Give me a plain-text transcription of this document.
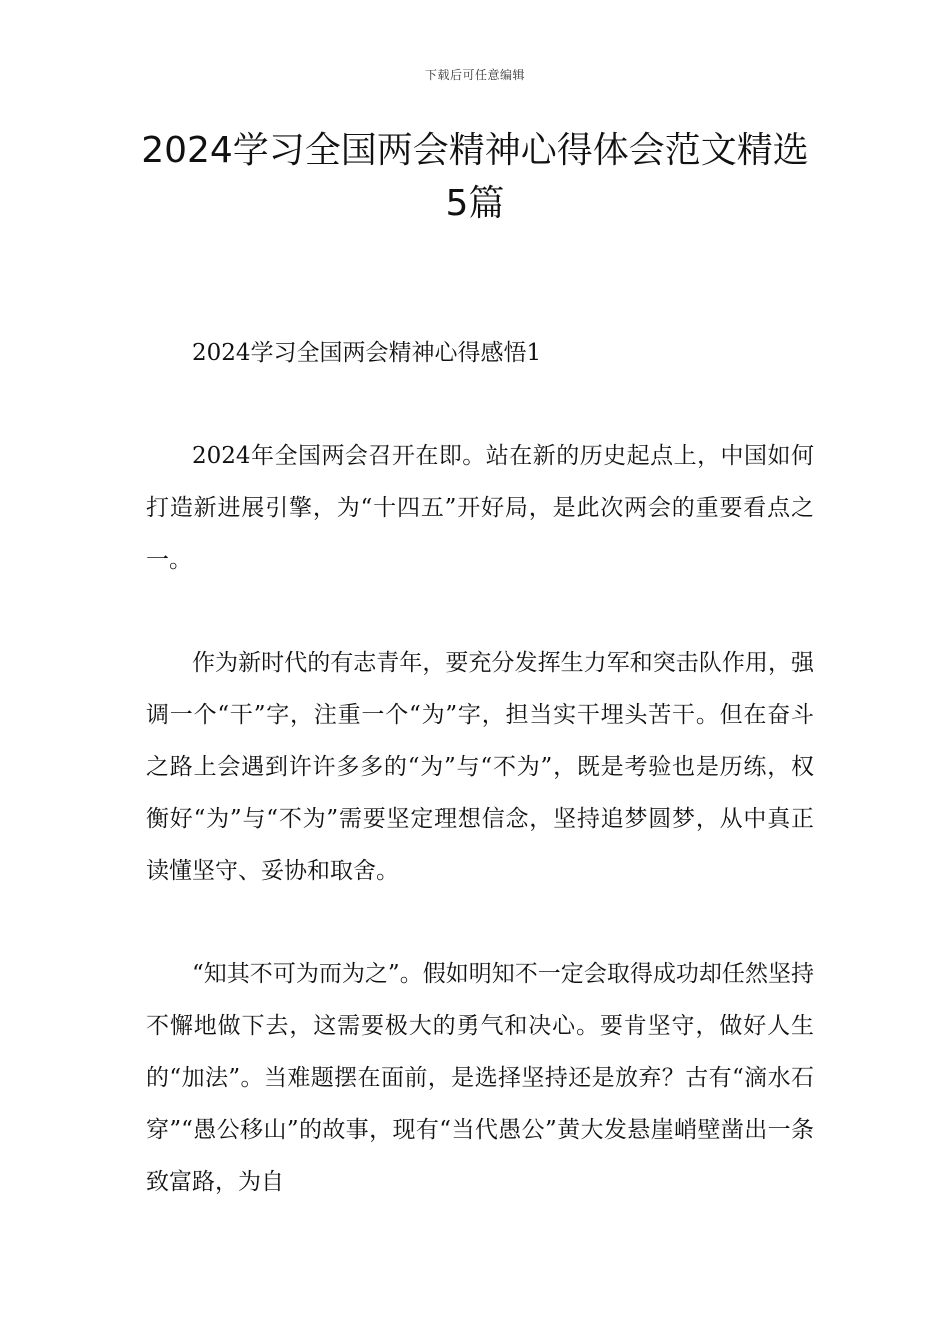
下载后可任意编辑
2024学习全国两会精神心得体会范文精选
5篇

2024学习全国两会精神心得感悟1

2024年全国两会召开在即。站在新的历史起点上，中国如何打造新进展引擎，为“十四五”开好局，是此次两会的重要看点之一。

作为新时代的有志青年，要充分发挥生力军和突击队作用，强调一个“干”字，注重一个“为”字，担当实干埋头苦干。但在奋斗之路上会遇到许许多多的“为”与“不为”，既是考验也是历练，权衡好“为”与“不为”需要坚定理想信念，坚持追梦圆梦，从中真正读懂坚守、妥协和取舍。

“知其不可为而为之”。假如明知不一定会取得成功却任然坚持不懈地做下去，这需要极大的勇气和决心。要肯坚守，做好人生的“加法”。当难题摆在面前，是选择坚持还是放弃？古有“滴水石穿”“愚公移山”的故事，现有“当代愚公”黄大发悬崖峭壁凿出一条致富路，为自
